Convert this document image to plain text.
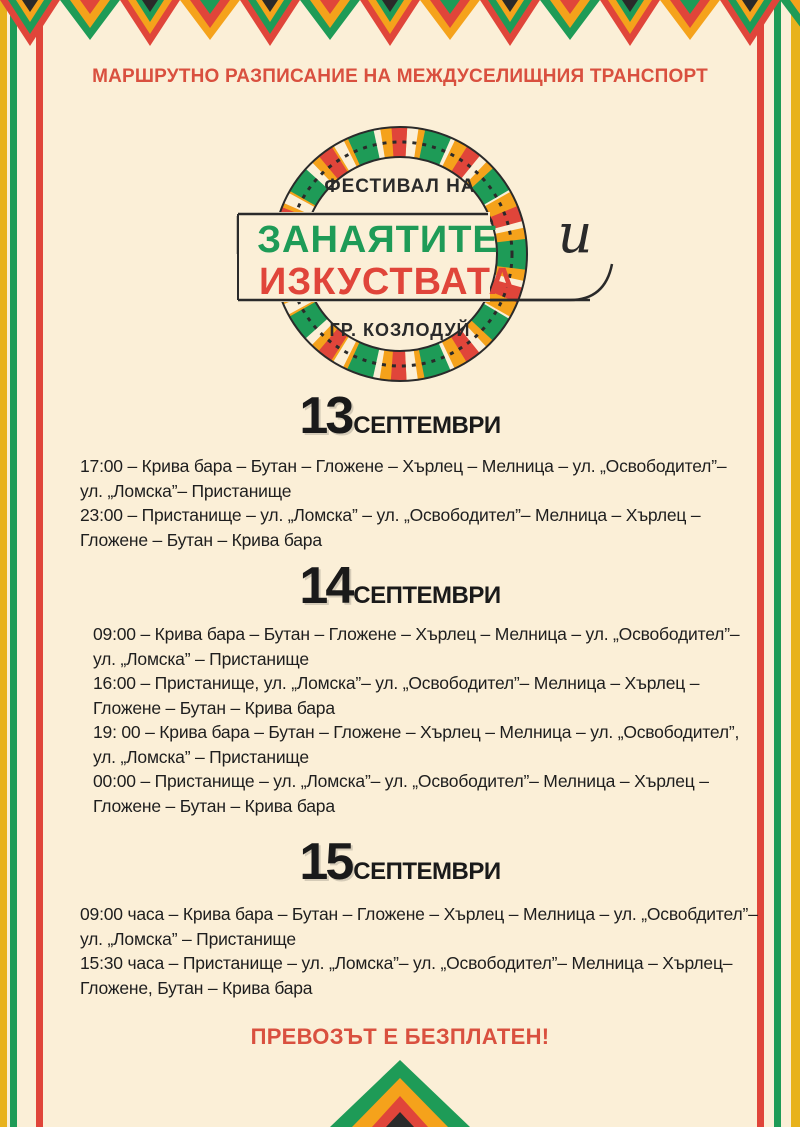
МАРШРУТНО РАЗПИСАНИЕ НА МЕЖДУСЕЛИЩНИЯ ТРАНСПОРТ
ФЕСТИВАЛ НА
ЗАНАЯТИТЕ и
ИЗКУСТВАТА
ГР. КОЗЛОДУЙ
13СЕПТЕМВРИ

17:00 – Крива бара – Бутан – Гложене – Хърлец – Мелница – ул. „Освободител”–

ул. „Ломска”– Пристанище

23:00 – Пристанище – ул. „Ломска” – ул. „Освободител”– Мелница – Хърлец –

Гложене – Бутан – Крива бара

14СЕПТЕМВРИ

09:00 – Крива бара – Бутан – Гложене – Хърлец – Мелница – ул. „Освободител”–

ул. „Ломска” – Пристанище

16:00 – Пристанище, ул. „Ломска”– ул. „Освободител”– Мелница – Хърлец –

Гложене – Бутан – Крива бара

19: 00 – Крива бара – Бутан – Гложене – Хърлец – Мелница – ул. „Освободител”,

ул. „Ломска” – Пристанище

00:00 – Пристанище – ул. „Ломска”– ул. „Освободител”– Мелница – Хърлец –

Гложене – Бутан – Крива бара

15СЕПТЕМВРИ

09:00 часа – Крива бара – Бутан – Гложене – Хърлец – Мелница – ул. „Освобдител”–

ул. „Ломска” – Пристанище

15:30 часа – Пристанище – ул. „Ломска”– ул. „Освободител”– Мелница – Хърлец–

Гложене, Бутан – Крива бара

ПРЕВОЗЪТ Е БЕЗПЛАТЕН!
